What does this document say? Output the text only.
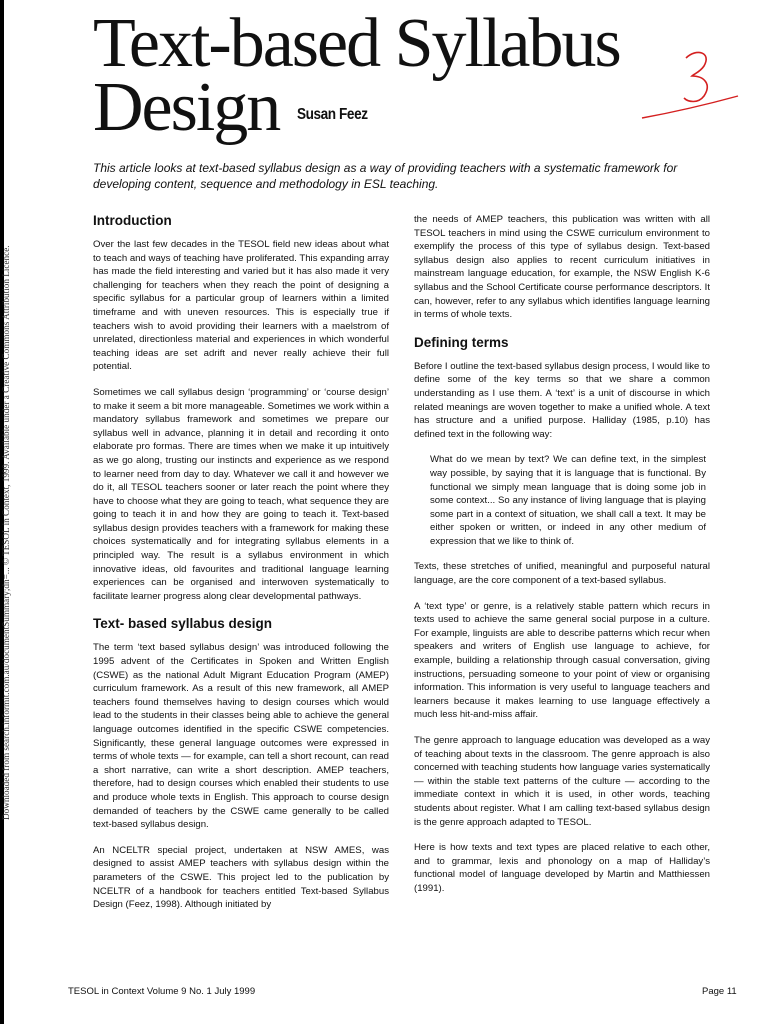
Text-based Syllabus
Design	Susan Feez
This article looks at text-based syllabus design as a way of providing teachers with a systematic framework for developing content, sequence and methodology in ESL teaching.
Introduction

Over the last few decades in the TESOL field new ideas about what to teach and ways of teaching have proliferated. This expanding array has made the field interesting and varied but it has also made it very challenging for teachers when they reach the point of designing a specific syllabus for a particular group of learners within a limited timeframe and with uneven resources. This is especially true if teachers wish to avoid providing their learners with a maelstrom of unrelated, directionless material and experiences in which wonderful teaching ideas are set adrift and never really achieve their full potential.

Sometimes we call syllabus design ‘programming’ or ‘course design’ to make it seem a bit more manageable. Sometimes we work within a mandatory syllabus framework and sometimes we prepare our syllabus well in advance, planning it in detail and recording it onto elaborate pro formas. There are times when we make it up intuitively as we go along, trusting our instincts and experience as we respond to learner need from day to day. Whatever we call it and however we do it, all TESOL teachers sooner or later reach the point where they have to choose what they are going to teach, what sequence they are going to teach it in and how they are going to teach it. Text-based syllabus design provides teachers with a framework for making these choices systematically and for integrating syllabus elements in a principled way. The result is a syllabus environment in which innovative ideas, old favourites and traditional language learning experiences can be organised and interwoven systematically to facilitate learner progress along clear developmental pathways.

Text- based syllabus design

The term ‘text based syllabus design’ was introduced following the 1995 advent of the Certificates in Spoken and Written English (CSWE) as the national Adult Migrant Education Program (AMEP) curriculum framework. As a result of this new framework, all AMEP teachers found themselves having to design courses which would lead to the students in their classes being able to achieve the general language outcomes identified in the specific CSWE competencies. Significantly, these general language outcomes were expressed in terms of whole texts — for example, can tell a short recount, can read a short narrative, can write a short description. AMEP teachers, therefore, had to design courses which enabled their students to use and produce whole texts in English. This approach to course design demanded of teachers by the CSWE came generally to be called text-based syllabus design.

An NCELTR special project, undertaken at NSW AMES, was designed to assist AMEP teachers with syllabus design within the parameters of the CSWE. This project led to the publication by NCELTR of a handbook for teachers entitled Text-based Syllabus Design (Feez, 1998). Although initiated by

the needs of AMEP teachers, this publication was written with all TESOL teachers in mind using the CSWE curriculum environment to exemplify the process of this type of syllabus design. Text-based syllabus design also applies to recent curriculum initiatives in mainstream language education, for example, the NSW English K-6 syllabus and the School Certificate course performance descriptors. It can, however, refer to any syllabus which identifies language learning in terms of whole texts.

Defining terms

Before I outline the text-based syllabus design process, I would like to define some of the key terms so that we share a common understanding as I use them. A ‘text’ is a unit of discourse in which related meanings are woven together to make a unified whole. A text has structure and a unified purpose. Halliday (1985, p.10) has defined text in the following way:

What do we mean by text? We can define text, in the simplest way possible, by saying that it is language that is functional. By functional we simply mean language that is doing some job in some context... So any instance of living language that is playing some part in a context of situation, we shall call a text. It may be either spoken or written, or indeed in any other medium of expression that we like to think of.

Texts, these stretches of unified, meaningful and purposeful natural language, are the core component of a text-based syllabus.

A ‘text type’ or genre, is a relatively stable pattern which recurs in texts used to achieve the same general social purpose in a culture. For example, linguists are able to describe patterns which recur when speakers and writers of English use language to achieve, for example, building a relationship through casual conversation, giving instructions, persuading someone to your point of view or organising information. This information is very useful to language teachers and learners because it makes learning to use language effectively a much less hit-and-miss affair.

The genre approach to language education was developed as a way of teaching about texts in the classroom. The genre approach is also concerned with teaching students how language varies systematically — within the stable text patterns of the culture — according to the immediate context in which it is used, in other words, teaching students about register. What I am calling text-based syllabus design is the genre approach adapted to TESOL.

Here is how texts and text types are placed relative to each other, and to grammar, lexis and phonology on a map of Halliday’s functional model of language developed by Martin and Matthiessen (1991).

Downloaded from search.informit.com.au/documentSummary;dn=... © TESOL in Context, 1999. Available under a Creative Commons Attribution Licence.
TESOL in Context Volume 9 No. 1 July 1999	Page 11
